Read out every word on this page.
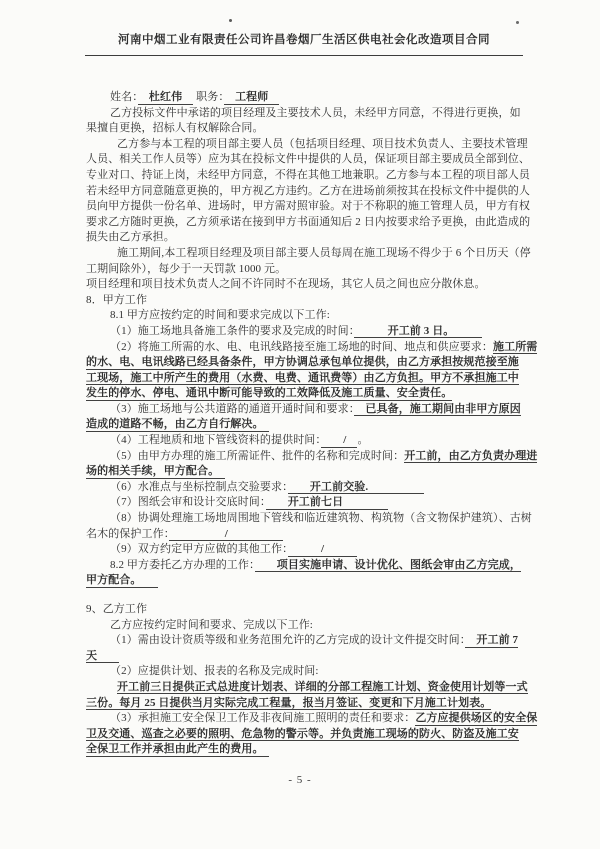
河南中烟工业有限责任公司许昌卷烟厂生活区供电社会化改造项目合同
姓名：　杜红伟　 职务：　工程师　
乙方投标文件中承诺的项目经理及主要技术人员，未经甲方同意，不得进行更换，如
果擅自更换，招标人有权解除合同。
乙方参与本工程的项目部主要人员（包括项目经理、项目技术负责人、主要技术管理
人员、相关工作人员等）应为其在投标文件中提供的人员，保证项目部主要成员全部到位、
专业对口、持证上岗，未经甲方同意，不得在其他工地兼职。乙方参与本工程的项目部人员
若未经甲方同意随意更换的，甲方视乙方违约。乙方在进场前须按其在投标文件中提供的人
员向甲方提供一份名单、进场时，甲方需对照审验。对于不称职的施工管理人员，甲方有权
要求乙方随时更换，乙方须承诺在接到甲方书面通知后 2 日内按要求给予更换，由此造成的
损失由乙方承担。
施工期间,本工程项目经理及项目部主要人员每周在施工现场不得少于 6 个日历天（停
工期间除外），每少于一天罚款 1000 元。
项目经理和项目技术负责人之间不许同时不在现场，其它人员之间也应分散休息。
8．甲方工作
8.1 甲方应按约定的时间和要求完成以下工作:
（1）施工场地具备施工条件的要求及完成的时间：　　　开工前 3 日。　　　
（2）将施工所需的水、电、电讯线路接至施工场地的时间、地点和供应要求：施工所需
的水、电、电讯线路已经具备条件，甲方协调总承包单位提供，由乙方承担按规范接至施
工现场，施工中所产生的费用（水费、电费、通讯费等）由乙方负担。甲方不承担施工中
发生的停水、停电、通讯中断可能导致的工效降低及施工质量、安全责任。
（3）施工场地与公共道路的通道开通时间和要求：　已具备，施工期间由非甲方原因
造成的道路不畅，由乙方自行解决。　
（4）工程地质和地下管线资料的提供时间：　　/　。
（5）由甲方办理的施工所需证件、批件的名称和完成时间：开工前，由乙方负责办理进
场的相关手续，甲方配合。　
（6）水准点与坐标控制点交验要求：　　开工前交验.　　　　　
（7）图纸会审和设计交底时间：　　开工前七日　　　　
（8）协调处理施工场地周围地下管线和临近建筑物、构筑物（含文物保护建筑）、古树
名木的保护工作：　　　　　/　　　　　
（9）双方约定甲方应做的其他工作：　　　/　　　
8.2 甲方委托乙方办理的工作：　　项目实施申请、设计优化、图纸会审由乙方完成，
甲方配合。　　
9、乙方工作
乙方应按约定时间和要求、完成以下工作:
（1）需由设计资质等级和业务范围允许的乙方完成的设计文件提交时间：　开工前 7
天　　
（2）应提供计划、报表的名称及完成时间:
开工前三日提供正式总进度计划表、详细的分部工程施工计划、资金使用计划等一式
三份。每月 25 日提供当月实际完成工程量，报当月签证、变更和下月施工计划表。
（3）承担施工安全保卫工作及非夜间施工照明的责任和要求：乙方应提供场区的安全保
卫及交通、巡查之必要的照明、危急物的警示等。并负责施工现场的防火、防盗及施工安
全保卫工作并承担由此产生的费用。　
- 5 -
